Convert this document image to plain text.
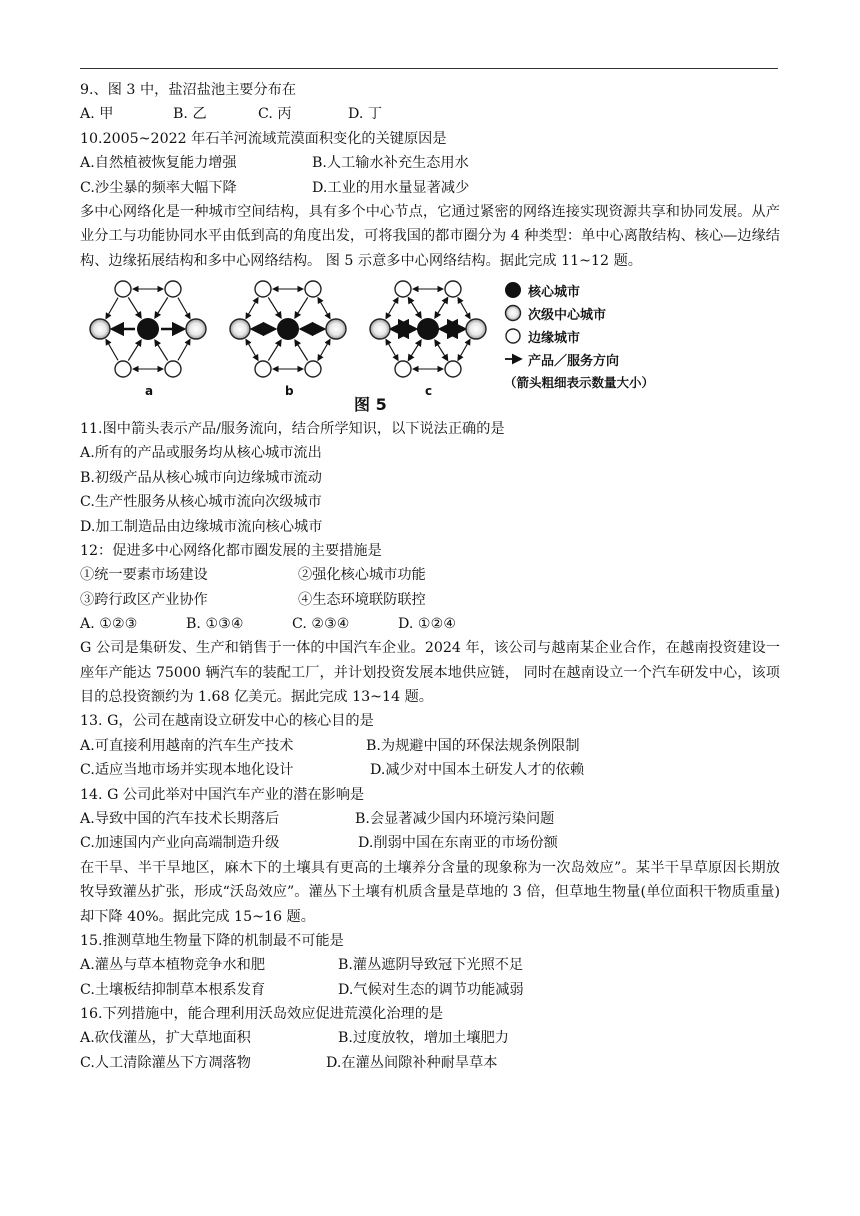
9.、图 3 中，盐沼盐池主要分布在
A. 甲	B. 乙	C. 丙	D. 丁
10.2005~2022 年石羊河流域荒漠面积变化的关键原因是
A.自然植被恢复能力增强	B.人工输水补充生态用水
C.沙尘暴的频率大幅下降	D.工业的用水量显著减少
多中心网络化是一种城市空间结构，具有多个中心节点，它通过紧密的网络连接实现资源共享和协同发展。从产业分工与功能协同水平由低到高的角度出发，可将我国的都市圈分为 4 种类型：单中心离散结构、核心—边缘结构、边缘拓展结构和多中心网络结构。 图 5 示意多中心网络结构。据此完成 11~12 题。
核心城市
次级中心城市
边缘城市
产品／服务方向
（箭头粗细表示数量大小）
a	b	c
图 5
11.图中箭头表示产品/服务流向，结合所学知识，以下说法正确的是
A.所有的产品或服务均从核心城市流出
B.初级产品从核心城市向边缘城市流动
C.生产性服务从核心城市流向次级城市
D.加工制造品由边缘城市流向核心城市
12：促进多中心网络化都市圈发展的主要措施是
①统一要素市场建设	②强化核心城市功能
③跨行政区产业协作	④生态环境联防联控
A. ①②③	B. ①③④	C. ②③④	D. ①②④
G 公司是集研发、生产和销售于一体的中国汽车企业。2024 年，该公司与越南某企业合作，在越南投资建设一座年产能达 75000 辆汽车的装配工厂，并计划投资发展本地供应链， 同时在越南设立一个汽车研发中心，该项目的总投资额约为 1.68 亿美元。据此完成 13~14 题。
13. G，公司在越南设立研发中心的核心目的是
A.可直接利用越南的汽车生产技术	B.为规避中国的环保法规条例限制
C.适应当地市场并实现本地化设计	D.减少对中国本土研发人才的依赖
14. G 公司此举对中国汽车产业的潜在影响是
A.导致中国的汽车技术长期落后	B.会显著减少国内环境污染问题
C.加速国内产业向高端制造升级	D.削弱中国在东南亚的市场份额
在干旱、半干旱地区，麻木下的土壤具有更高的土壤养分含量的现象称为一次岛效应”。某半干旱草原因长期放牧导致灌丛扩张，形成“沃岛效应”。灌丛下土壤有机质含量是草地的 3 倍，但草地生物量(单位面积干物质重量)却下降 40%。据此完成 15~16 题。
15.推测草地生物量下降的机制最不可能是
A.灌丛与草本植物竞争水和肥	B.灌丛遮阴导致冠下光照不足
C.土壤板结抑制草本根系发育	D.气候对生态的调节功能减弱
16.下列措施中，能合理利用沃岛效应促进荒漠化治理的是
A.砍伐灌丛，扩大草地面积	B.过度放牧，增加土壤肥力
C.人工清除灌丛下方凋落物	D.在灌丛间隙补种耐旱草本
